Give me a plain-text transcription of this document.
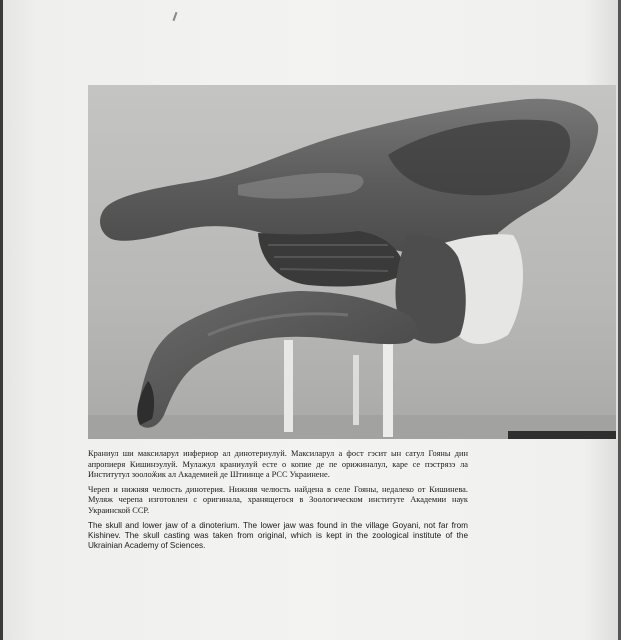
Краниул ши максиларул инфериор ал динотериулуй. Максиларул а фост гэсит ын сатул Гояны дин апропиеря Кишинэулуй. Мулажул краниулуй есте о копие де пе орижиналул, каре се пэстрязэ ла Институтул зоолоӂик ал Академией де Штиинце а РСС Украинене.

Череп и нижняя челюсть динотерия. Нижняя челюсть найдена в селе Гояны, недалеко от Кишинева. Муляж черепа изготовлен с оригинала, хранящегося в Зоологическом институте Академии наук Украинской ССР.

The skull and lower jaw of a dinoterium. The lower jaw was found in the village Goyani, not far from Kishinev. The skull casting was taken from original, which is kept in the zoological institute of the Ukrainian Academy of Sciences.
